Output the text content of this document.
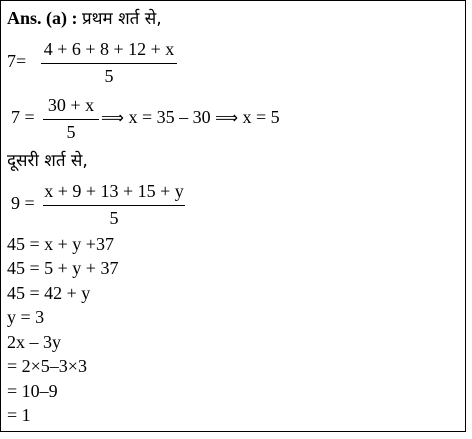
Ans. (a) : प्रथम शर्त से,
7=
4 + 6 + 8 + 12 + x
5
7 =
30 + x
5
⟹ x = 35 – 30 ⟹ x = 5
दूसरी शर्त से,
9 =
x + 9 + 13 + 15 + y
5
45 = x + y +37
45 = 5 + y + 37
45 = 42 + y
y = 3
2x – 3y
= 2×5–3×3
= 10–9
= 1
